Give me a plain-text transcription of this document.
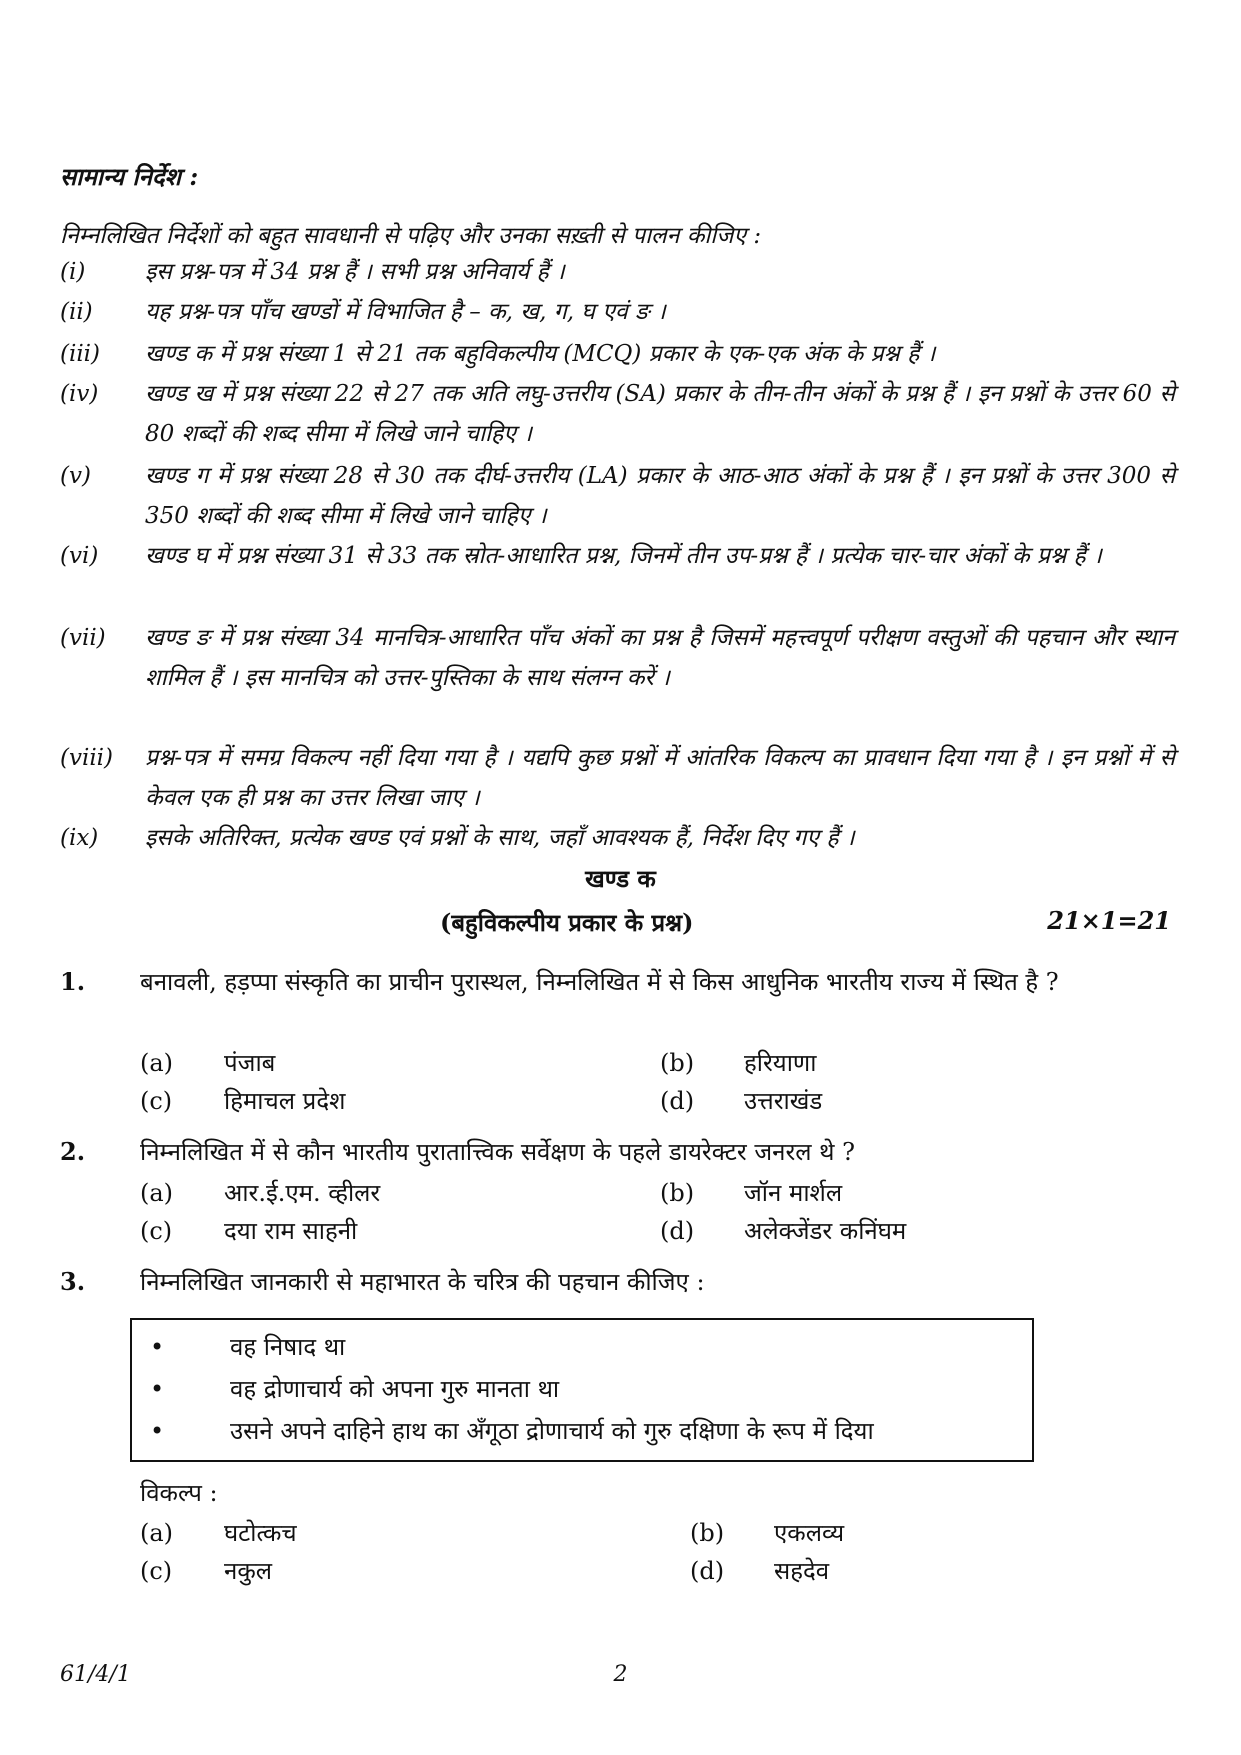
सामान्य निर्देश :
निम्नलिखित निर्देशों को बहुत सावधानी से पढ़िए और उनका सख़्ती से पालन कीजिए :
(i)	इस प्रश्न-पत्र में 34 प्रश्न हैं । सभी प्रश्न अनिवार्य हैं ।
(ii)	यह प्रश्न-पत्र पाँच खण्डों में विभाजित है – क, ख, ग, घ एवं ङ ।
(iii)	खण्ड क में प्रश्न संख्या 1 से 21 तक बहुविकल्पीय (MCQ) प्रकार के एक-एक अंक के प्रश्न हैं ।
(iv)	खण्ड ख में प्रश्न संख्या 22 से 27 तक अति लघु-उत्तरीय (SA) प्रकार के तीन-तीन अंकों के प्रश्न हैं । इन प्रश्नों के उत्तर 60 से 80 शब्दों की शब्द सीमा में लिखे जाने चाहिए ।
(v)	खण्ड ग में प्रश्न संख्या 28 से 30 तक दीर्घ-उत्तरीय (LA) प्रकार के आठ-आठ अंकों के प्रश्न हैं । इन प्रश्नों के उत्तर 300 से 350 शब्दों की शब्द सीमा में लिखे जाने चाहिए ।
(vi)	खण्ड घ में प्रश्न संख्या 31 से 33 तक स्रोत-आधारित प्रश्न, जिनमें तीन उप-प्रश्न हैं । प्रत्येक चार-चार अंकों के प्रश्न हैं ।
(vii)	खण्ड ङ में प्रश्न संख्या 34 मानचित्र-आधारित पाँच अंकों का प्रश्न है जिसमें महत्त्वपूर्ण परीक्षण वस्तुओं की पहचान और स्थान शामिल हैं । इस मानचित्र को उत्तर-पुस्तिका के साथ संलग्न करें ।
(viii)	प्रश्न-पत्र में समग्र विकल्प नहीं दिया गया है । यद्यपि कुछ प्रश्नों में आंतरिक विकल्प का प्रावधान दिया गया है । इन प्रश्नों में से केवल एक ही प्रश्न का उत्तर लिखा जाए ।
(ix)	इसके अतिरिक्त, प्रत्येक खण्ड एवं प्रश्नों के साथ, जहाँ आवश्यक हैं, निर्देश दिए गए हैं ।
खण्ड क
(बहुविकल्पीय प्रकार के प्रश्न)	21×1=21
1. बनावली, हड़प्पा संस्कृति का प्राचीन पुरास्थल, निम्नलिखित में से किस आधुनिक भारतीय राज्य में स्थित है ?
(a) पंजाब	(b) हरियाणा
(c) हिमाचल प्रदेश	(d) उत्तराखंड
2. निम्नलिखित में से कौन भारतीय पुरातात्त्विक सर्वेक्षण के पहले डायरेक्टर जनरल थे ?
(a) आर.ई.एम. व्हीलर	(b) जॉन मार्शल
(c) दया राम साहनी	(d) अलेक्जेंडर कनिंघम
3. निम्नलिखित जानकारी से महाभारत के चरित्र की पहचान कीजिए :
•	वह निषाद था
•	वह द्रोणाचार्य को अपना गुरु मानता था
•	उसने अपने दाहिने हाथ का अँगूठा द्रोणाचार्य को गुरु दक्षिणा के रूप में दिया
विकल्प :
(a) घटोत्कच	(b) एकलव्य
(c) नकुल	(d) सहदेव
61/4/1	2
